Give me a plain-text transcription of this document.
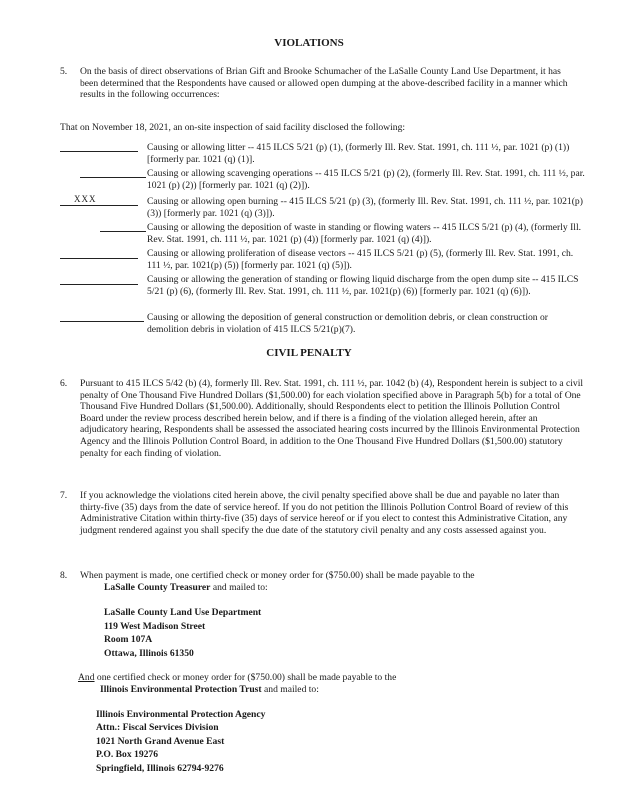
VIOLATIONS
5. On the basis of direct observations of Brian Gift and Brooke Schumacher of the LaSalle County Land Use Department, it has been determined that the Respondents have caused or allowed open dumping at the above-described facility in a manner which results in the following occurrences:
That on November 18, 2021, an on-site inspection of said facility disclosed the following:
Causing or allowing litter -- 415 ILCS 5/21 (p) (1), (formerly Ill. Rev. Stat. 1991, ch. 111 ½, par. 1021 (p) (1)) [formerly par. 1021 (q) (1)].
Causing or allowing scavenging operations -- 415 ILCS 5/21 (p) (2), (formerly Ill. Rev. Stat. 1991, ch. 111 ½, par. 1021 (p) (2)) [formerly par. 1021 (q) (2)]).
XXX	Causing or allowing open burning -- 415 ILCS 5/21 (p) (3), (formerly Ill. Rev. Stat. 1991, ch. 111 ½, par. 1021(p) (3)) [formerly par. 1021 (q) (3)]).
Causing or allowing the deposition of waste in standing or flowing waters -- 415 ILCS 5/21 (p) (4), (formerly Ill. Rev. Stat. 1991, ch. 111 ½, par. 1021 (p) (4)) [formerly par. 1021 (q) (4)]).
Causing or allowing proliferation of disease vectors -- 415 ILCS 5/21 (p) (5), (formerly Ill. Rev. Stat. 1991, ch. 111 ½, par. 1021(p) (5)) [formerly par. 1021 (q) (5)]).
Causing or allowing the generation of standing or flowing liquid discharge from the open dump site -- 415 ILCS 5/21 (p) (6), (formerly Ill. Rev. Stat. 1991, ch. 111 ½, par. 1021(p) (6)) [formerly par. 1021 (q) (6)]).
Causing or allowing the deposition of general construction or demolition debris, or clean construction or demolition debris in violation of 415 ILCS 5/21(p)(7).
CIVIL PENALTY
6. Pursuant to 415 ILCS 5/42 (b) (4), formerly Ill. Rev. Stat. 1991, ch. 111 ½, par. 1042 (b) (4), Respondent herein is subject to a civil penalty of One Thousand Five Hundred Dollars ($1,500.00) for each violation specified above in Paragraph 5(b) for a total of One Thousand Five Hundred Dollars ($1,500.00). Additionally, should Respondents elect to petition the Illinois Pollution Control Board under the review process described herein below, and if there is a finding of the violation alleged herein, after an adjudicatory hearing, Respondents shall be assessed the associated hearing costs incurred by the Illinois Environmental Protection Agency and the Illinois Pollution Control Board, in addition to the One Thousand Five Hundred Dollars ($1,500.00) statutory penalty for each finding of violation.
7. If you acknowledge the violations cited herein above, the civil penalty specified above shall be due and payable no later than thirty-five (35) days from the date of service hereof. If you do not petition the Illinois Pollution Control Board of review of this Administrative Citation within thirty-five (35) days of service hereof or if you elect to contest this Administrative Citation, any judgment rendered against you shall specify the due date of the statutory civil penalty and any costs assessed against you.
8. When payment is made, one certified check or money order for ($750.00) shall be made payable to the
LaSalle County Treasurer and mailed to:
LaSalle County Land Use Department
119 West Madison Street
Room 107A
Ottawa, Illinois 61350
And one certified check or money order for ($750.00) shall be made payable to the
Illinois Environmental Protection Trust and mailed to:
Illinois Environmental Protection Agency
Attn.: Fiscal Services Division
1021 North Grand Avenue East
P.O. Box 19276
Springfield, Illinois 62794-9276
